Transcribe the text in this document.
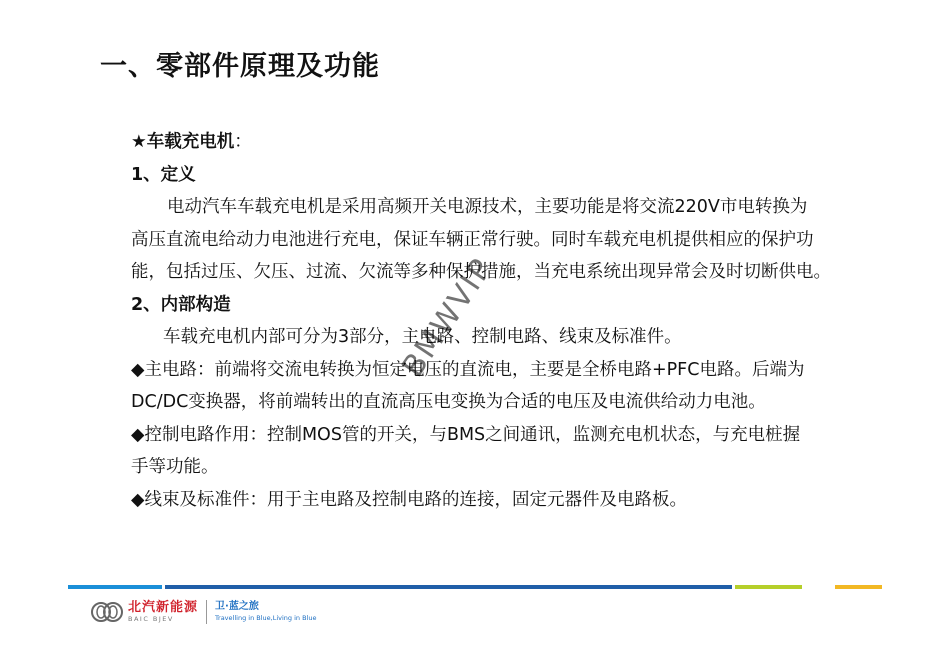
一、零部件原理及功能
★车载充电机：
1、定义
电动汽车车载充电机是采用高频开关电源技术，主要功能是将交流220V市电转换为
高压直流电给动力电池进行充电，保证车辆正常行驶。同时车载充电机提供相应的保护功
能，包括过压、欠压、过流、欠流等多种保护措施，当充电系统出现异常会及时切断供电。
2、内部构造
车载充电机内部可分为3部分，主电路、控制电路、线束及标准件。
◆主电路：前端将交流电转换为恒定电压的直流电，主要是全桥电路+PFC电路。后端为
DC/DC变换器，将前端转出的直流高压电变换为合适的电压及电流供给动力电池。
◆控制电路作用：控制MOS管的开关，与BMS之间通讯，监测充电机状态，与充电桩握
手等功能。
◆线束及标准件：用于主电路及控制电路的连接，固定元器件及电路板。
BMWVIP
北汽新能源
BAIC BJEV
卫·蓝之旅
Travelling in Blue,Living in Blue
